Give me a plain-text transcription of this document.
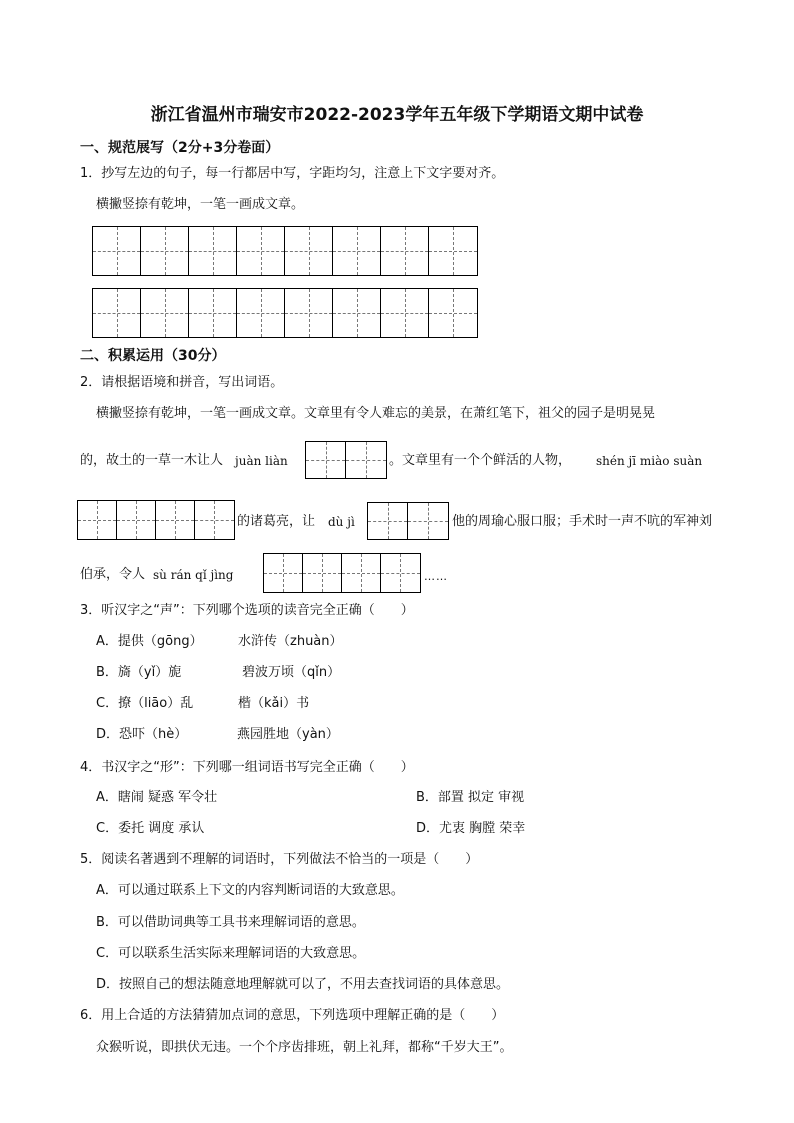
浙江省温州市瑞安市2022-2023学年五年级下学期语文期中试卷
一、规范展写（2分+3分卷面）
1．抄写左边的句子，每一行都居中写，字距均匀，注意上下文字要对齐。
横撇竖捺有乾坤，一笔一画成文章。
二、积累运用（30分）
2．请根据语境和拼音，写出词语。
横撇竖捺有乾坤，一笔一画成文章。文章里有令人难忘的美景，在萧红笔下，祖父的园子是明晃晃
的，故土的一草一木让人 juàn liàn	。文章里有一个个鲜活的人物， shén jī miào suàn
的诸葛亮，让 dù jì	他的周瑜心服口服；手术时一声不吭的军神刘
伯承，令人 sù rán qǐ jìng	……
3．听汉字之“声”：下列哪个选项的读音完全正确（　　）
A．提供（gōng）	水浒传（zhuàn）
B．旖（yǐ）旎	碧波万顷（qǐn）
C．撩（liāo）乱	楷（kǎi）书
D．恐吓（hè）	燕园胜地（yàn）
4．书汉字之“形”：下列哪一组词语书写完全正确（　　）
A．瞎闹 疑惑 军令壮	B．部置 拟定 审视
C．委托 调度 承认	D．尤衷 胸膛 荣幸
5．阅读名著遇到不理解的词语时，下列做法不恰当的一项是（　　）
A．可以通过联系上下文的内容判断词语的大致意思。
B．可以借助词典等工具书来理解词语的意思。
C．可以联系生活实际来理解词语的大致意思。
D．按照自己的想法随意地理解就可以了，不用去查找词语的具体意思。
6．用上合适的方法猜猜加点词的意思，下列选项中理解正确的是（　　）
众猴听说，即拱伏无违。一个个序齿排班，朝上礼拜，都称“千岁大王”。
